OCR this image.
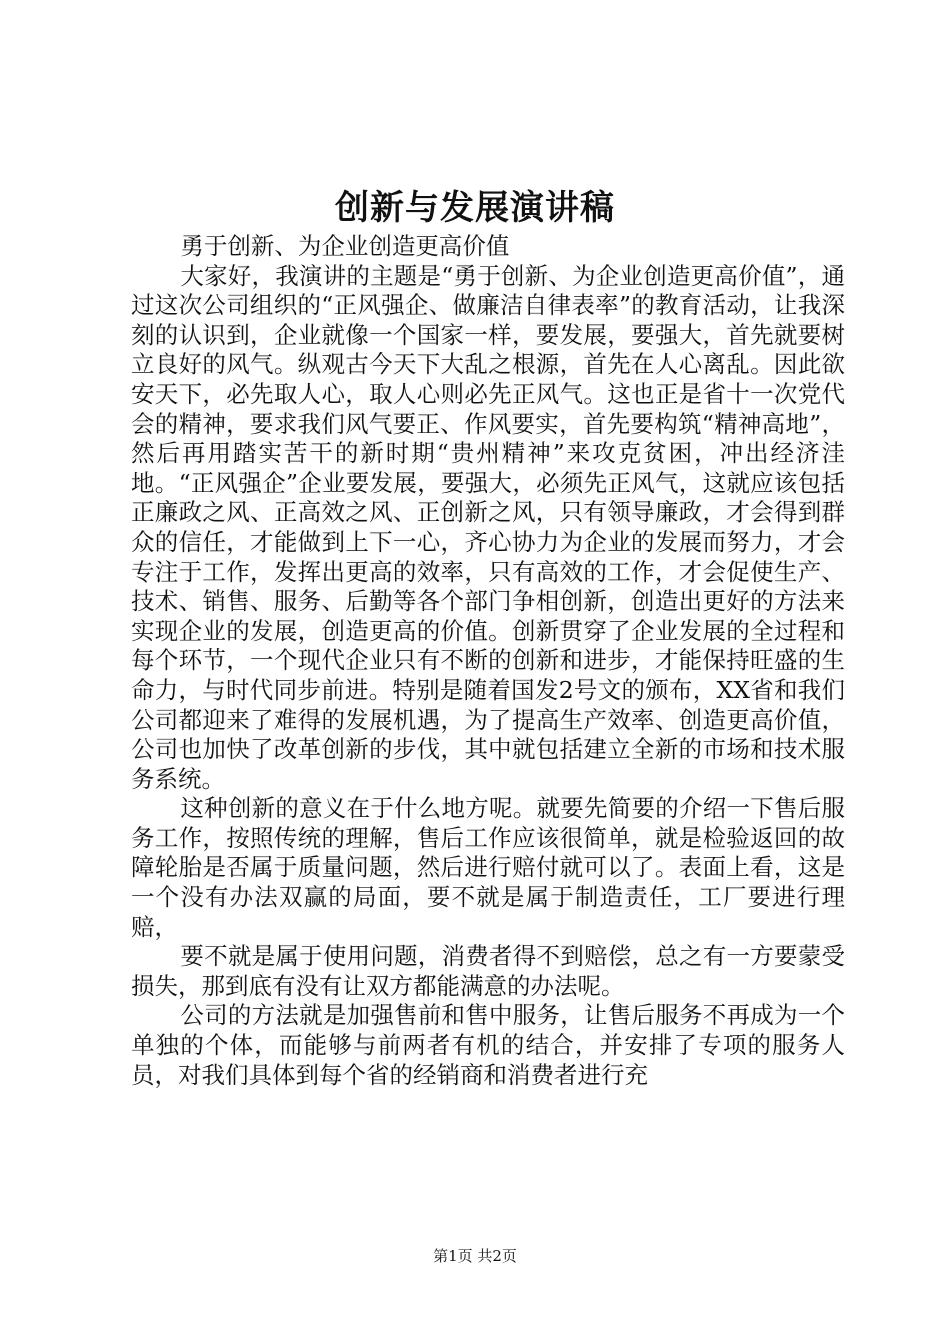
创新与发展演讲稿

勇于创新、为企业创造更高价值

大家好，我演讲的主题是“勇于创新、为企业创造更高价值”，通过这次公司组织的“正风强企、做廉洁自律表率”的教育活动，让我深刻的认识到，企业就像一个国家一样，要发展，要强大，首先就要树立良好的风气。纵观古今天下大乱之根源，首先在人心离乱。因此欲安天下，必先取人心，取人心则必先正风气。这也正是省十一次党代会的精神，要求我们风气要正、作风要实，首先要构筑“精神高地”，然后再用踏实苦干的新时期“贵州精神”来攻克贫困，冲出经济洼地。“正风强企”企业要发展，要强大，必须先正风气，这就应该包括正廉政之风、正高效之风、正创新之风，只有领导廉政，才会得到群众的信任，才能做到上下一心，齐心协力为企业的发展而努力，才会专注于工作，发挥出更高的效率，只有高效的工作，才会促使生产、技术、销售、服务、后勤等各个部门争相创新，创造出更好的方法来实现企业的发展，创造更高的价值。创新贯穿了企业发展的全过程和每个环节，一个现代企业只有不断的创新和进步，才能保持旺盛的生命力，与时代同步前进。特别是随着国发2号文的颁布，XX省和我们公司都迎来了难得的发展机遇，为了提高生产效率、创造更高价值，公司也加快了改革创新的步伐，其中就包括建立全新的市场和技术服务系统。

这种创新的意义在于什么地方呢。就要先简要的介绍一下售后服务工作，按照传统的理解，售后工作应该很简单，就是检验返回的故障轮胎是否属于质量问题，然后进行赔付就可以了。表面上看，这是一个没有办法双赢的局面，要不就是属于制造责任，工厂要进行理赔，

要不就是属于使用问题，消费者得不到赔偿，总之有一方要蒙受损失，那到底有没有让双方都能满意的办法呢。

公司的方法就是加强售前和售中服务，让售后服务不再成为一个单独的个体，而能够与前两者有机的结合，并安排了专项的服务人员，对我们具体到每个省的经销商和消费者进行充

第1页 共2页
